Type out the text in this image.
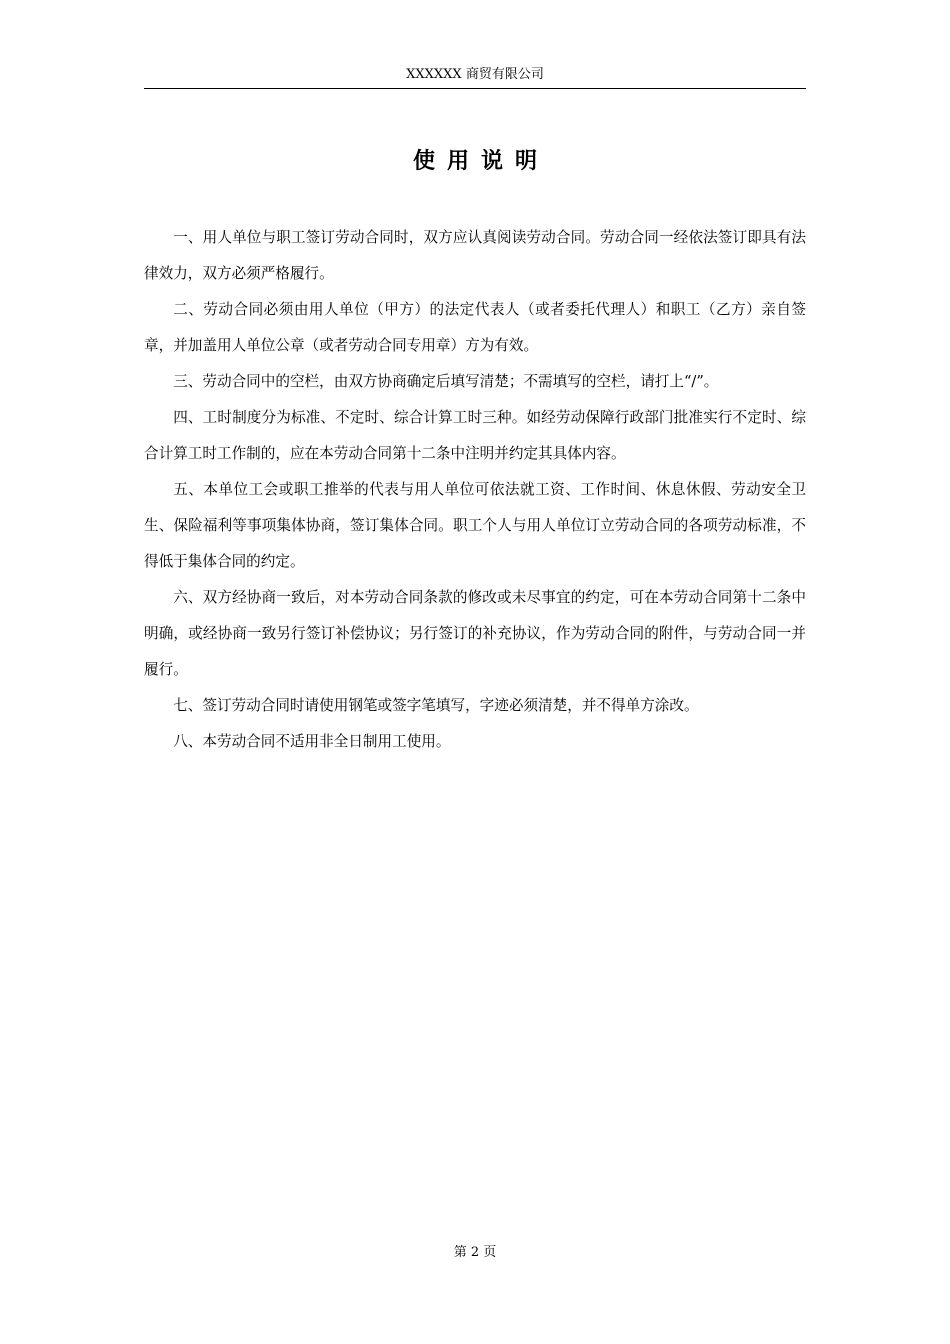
XXXXXX 商贸有限公司
使用说明

一、用人单位与职工签订劳动合同时，双方应认真阅读劳动合同。劳动合同一经依法签订即具有法律效力，双方必须严格履行。

二、劳动合同必须由用人单位（甲方）的法定代表人（或者委托代理人）和职工（乙方）亲自签章，并加盖用人单位公章（或者劳动合同专用章）方为有效。

三、劳动合同中的空栏，由双方协商确定后填写清楚；不需填写的空栏，请打上“/”。

四、工时制度分为标准、不定时、综合计算工时三种。如经劳动保障行政部门批准实行不定时、综合计算工时工作制的，应在本劳动合同第十二条中注明并约定其具体内容。

五、本单位工会或职工推举的代表与用人单位可依法就工资、工作时间、休息休假、劳动安全卫生、保险福利等事项集体协商，签订集体合同。职工个人与用人单位订立劳动合同的各项劳动标准，不得低于集体合同的约定。

六、双方经协商一致后，对本劳动合同条款的修改或未尽事宜的约定，可在本劳动合同第十二条中明确，或经协商一致另行签订补偿协议；另行签订的补充协议，作为劳动合同的附件，与劳动合同一并履行。

七、签订劳动合同时请使用钢笔或签字笔填写，字迹必须清楚，并不得单方涂改。

八、本劳动合同不适用非全日制用工使用。

第 2 页
